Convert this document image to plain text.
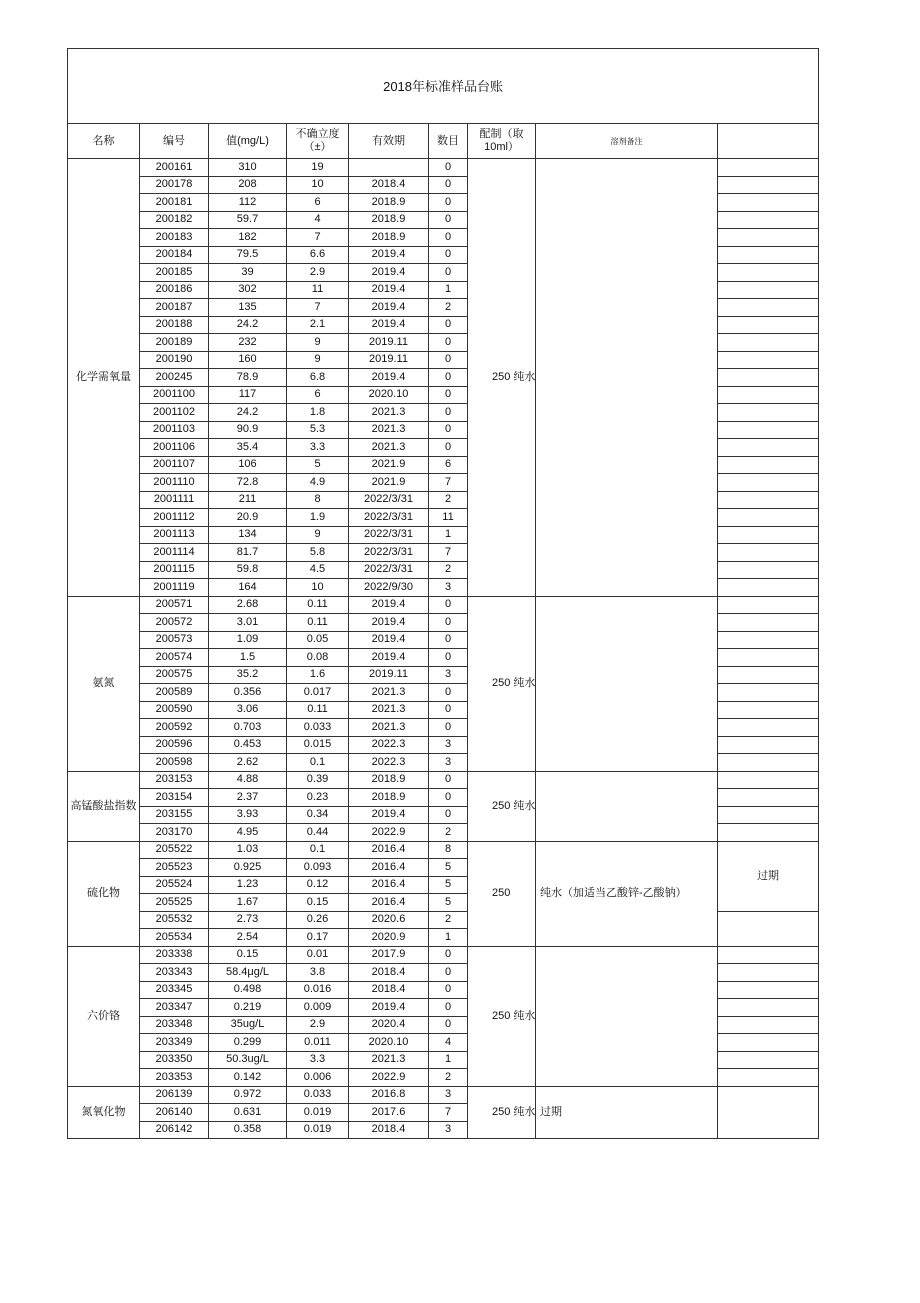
2018年标准样品台账								
名称	编号	值(mg/L)	不确立度（±）	有效期	数目	配制（取10ml）	溶剂备注	
化学需氧量	200161	310	19		0	250 纯水		
	200178	208	10	2018.4	0			
	200181	112	6	2018.9	0			
	200182	59.7	4	2018.9	0			
	200183	182	7	2018.9	0			
	200184	79.5	6.6	2019.4	0			
	200185	39	2.9	2019.4	0			
	200186	302	11	2019.4	1			
	200187	135	7	2019.4	2			
	200188	24.2	2.1	2019.4	0			
	200189	232	9	2019.11	0			
	200190	160	9	2019.11	0			
	200245	78.9	6.8	2019.4	0			
	2001100	117	6	2020.10	0			
	2001102	24.2	1.8	2021.3	0			
	2001103	90.9	5.3	2021.3	0			
	2001106	35.4	3.3	2021.3	0			
	2001107	106	5	2021.9	6			
	2001110	72.8	4.9	2021.9	7			
	2001111	211	8	2022/3/31	2			
	2001112	20.9	1.9	2022/3/31	11			
	2001113	134	9	2022/3/31	1			
	2001114	81.7	5.8	2022/3/31	7			
	2001115	59.8	4.5	2022/3/31	2			
	2001119	164	10	2022/9/30	3			
氨氮	200571	2.68	0.11	2019.4	0	250 纯水		
	200572	3.01	0.11	2019.4	0			
	200573	1.09	0.05	2019.4	0			
	200574	1.5	0.08	2019.4	0			
	200575	35.2	1.6	2019.11	3			
	200589	0.356	0.017	2021.3	0			
	200590	3.06	0.11	2021.3	0			
	200592	0.703	0.033	2021.3	0			
	200596	0.453	0.015	2022.3	3			
	200598	2.62	0.1	2022.3	3			
高锰酸盐指数	203153	4.88	0.39	2018.9	0	250 纯水		
	203154	2.37	0.23	2018.9	0			
	203155	3.93	0.34	2019.4	0			
	203170	4.95	0.44	2022.9	2			
硫化物	205522	1.03	0.1	2016.4	8	250	纯水（加适当乙酸锌-乙酸钠）	过期
	205523	0.925	0.093	2016.4	5			
	205524	1.23	0.12	2016.4	5			
	205525	1.67	0.15	2016.4	5			
	205532	2.73	0.26	2020.6	2			
	205534	2.54	0.17	2020.9	1			
六价铬	203338	0.15	0.01	2017.9	0	250 纯水		
	203343	58.4μg/L	3.8	2018.4	0			
	203345	0.498	0.016	2018.4	0			
	203347	0.219	0.009	2019.4	0			
	203348	35ug/L	2.9	2020.4	0			
	203349	0.299	0.011	2020.10	4			
	203350	50.3ug/L	3.3	2021.3	1			
	203353	0.142	0.006	2022.9	2			
氮氧化物	206139	0.972	0.033	2016.8	3	250 纯水	过期	
	206140	0.631	0.019	2017.6	7			
	206142	0.358	0.019	2018.4	3			
